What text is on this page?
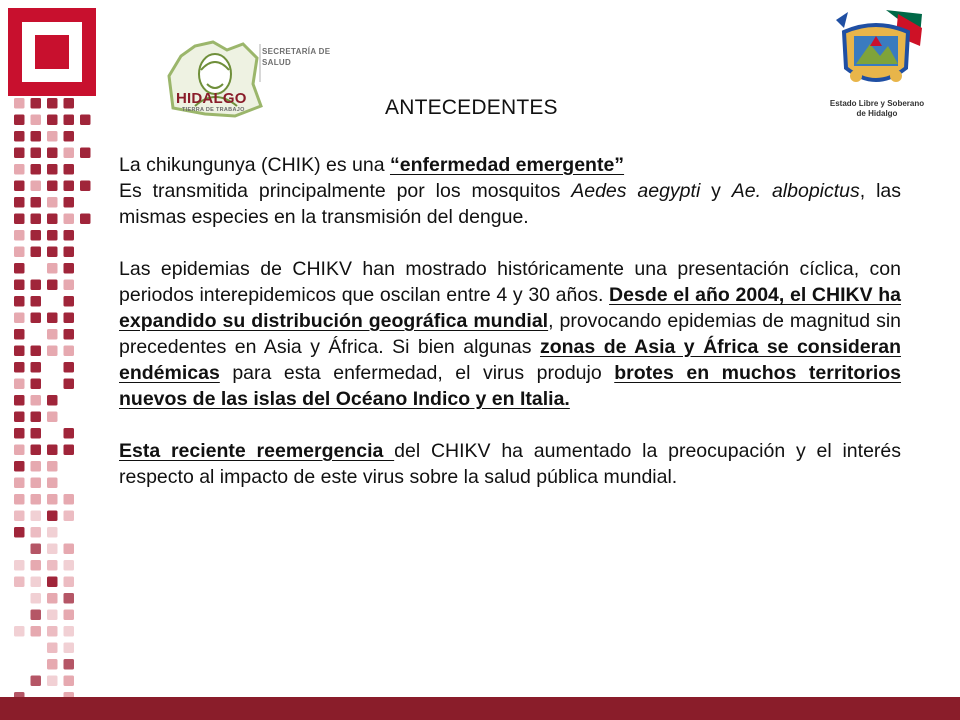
SECRETARÍA DE
SALUD
HIDALGO
TIERRA DE TRABAJO
Estado Libre y Soberano
de Hidalgo
ANTECEDENTES

La chikungunya (CHIK) es una “enfermedad emergente”
Es transmitida principalmente por los mosquitos Aedes aegypti y Ae. albopictus, las mismas especies en la transmisión del dengue.

Las epidemias de CHIKV han mostrado históricamente una presentación cíclica, con periodos interepidemicos que oscilan entre 4 y 30 años. Desde el año 2004, el CHIKV ha expandido su distribución geográfica mundial, provocando epidemias de magnitud sin precedentes en Asia y África. Si bien algunas zonas de Asia y África se consideran endémicas para esta enfermedad, el virus produjo brotes en muchos territorios nuevos de las islas del Océano Indico y en Italia.

Esta reciente reemergencia del CHIKV ha aumentado la preocupación y el interés respecto al impacto de este virus sobre la salud pública mundial.
